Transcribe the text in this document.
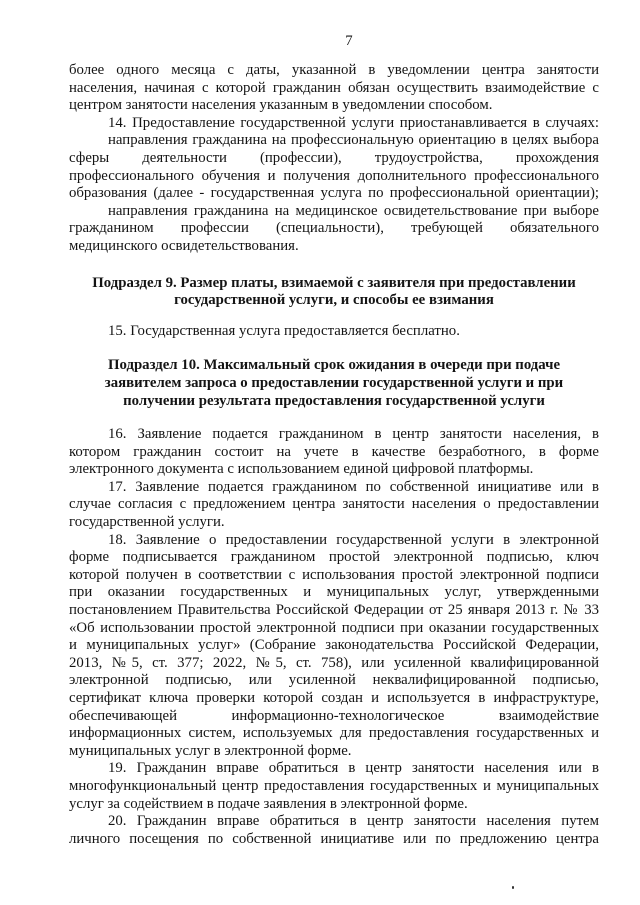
7
более одного месяца с даты, указанной в уведомлении центра занятости
населения, начиная с которой гражданин обязан осуществить взаимодействие с
центром занятости населения указанным в уведомлении способом.
14. Предоставление государственной услуги приостанавливается в случаях:
направления гражданина на профессиональную ориентацию в целях выбора
сферы деятельности (профессии), трудоустройства, прохождения
профессионального обучения и получения дополнительного профессионального
образования (далее - государственная услуга по профессиональной ориентации);
направления гражданина на медицинское освидетельствование при выборе
гражданином профессии (специальности), требующей обязательного
медицинского освидетельствования.
Подраздел 9. Размер платы, взимаемой с заявителя при предоставлении
государственной услуги, и способы ее взимания
15. Государственная услуга предоставляется бесплатно.
Подраздел 10. Максимальный срок ожидания в очереди при подаче
заявителем запроса о предоставлении государственной услуги и при
получении результата предоставления государственной услуги
16. Заявление подается гражданином в центр занятости населения, в
котором гражданин состоит на учете в качестве безработного, в форме
электронного документа с использованием единой цифровой платформы.
17. Заявление подается гражданином по собственной инициативе или в
случае согласия с предложением центра занятости населения о предоставлении
государственной услуги.
18. Заявление о предоставлении государственной услуги в электронной
форме подписывается гражданином простой электронной подписью, ключ
которой получен в соответствии с использования простой электронной подписи
при оказании государственных и муниципальных услуг, утвержденными
постановлением Правительства Российской Федерации от 25 января 2013 г. № 33
«Об использовании простой электронной подписи при оказании государственных
и муниципальных услуг» (Собрание законодательства Российской Федерации,
2013, №5, ст. 377; 2022, №5, ст. 758), или усиленной квалифицированной
электронной подписью, или усиленной неквалифицированной подписью,
сертификат ключа проверки которой создан и используется в инфраструктуре,
обеспечивающей информационно-технологическое взаимодействие
информационных систем, используемых для предоставления государственных и
муниципальных услуг в электронной форме.
19. Гражданин вправе обратиться в центр занятости населения или в
многофункциональный центр предоставления государственных и муниципальных
услуг за содействием в подаче заявления в электронной форме.
20. Гражданин вправе обратиться в центр занятости населения путем
личного посещения по собственной инициативе или по предложению центра
